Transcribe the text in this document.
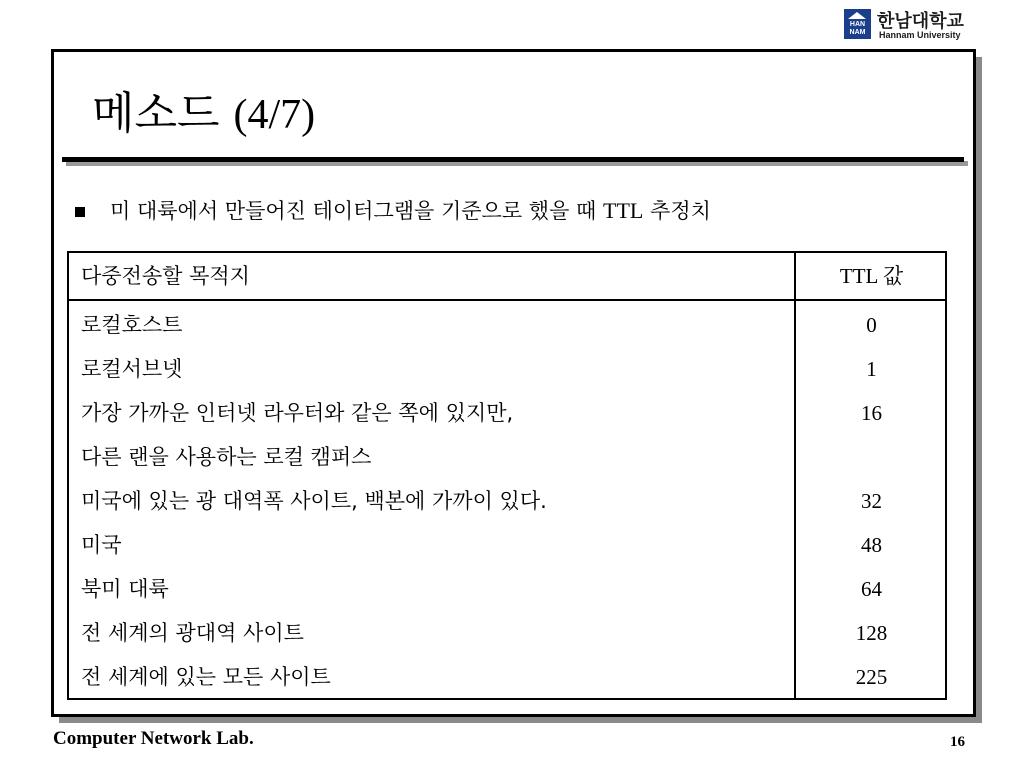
HAN NAM
한남대학교
Hannam University
메소드 (4/7)
미 대륙에서 만들어진 테이터그램을 기준으로 했을 때 TTL 추정치
다중전송할 목적지	TTL 값
로컬호스트	0
로컬서브넷	1
가장 가까운 인터넷 라우터와 같은 쪽에 있지만,	16
다른 랜을 사용하는 로컬 캠퍼스
미국에 있는 광 대역폭 사이트, 백본에 가까이 있다.	32
미국	48
북미 대륙	64
전 세계의 광대역 사이트	128
전 세계에 있는 모든 사이트	225
Computer Network Lab.	16
